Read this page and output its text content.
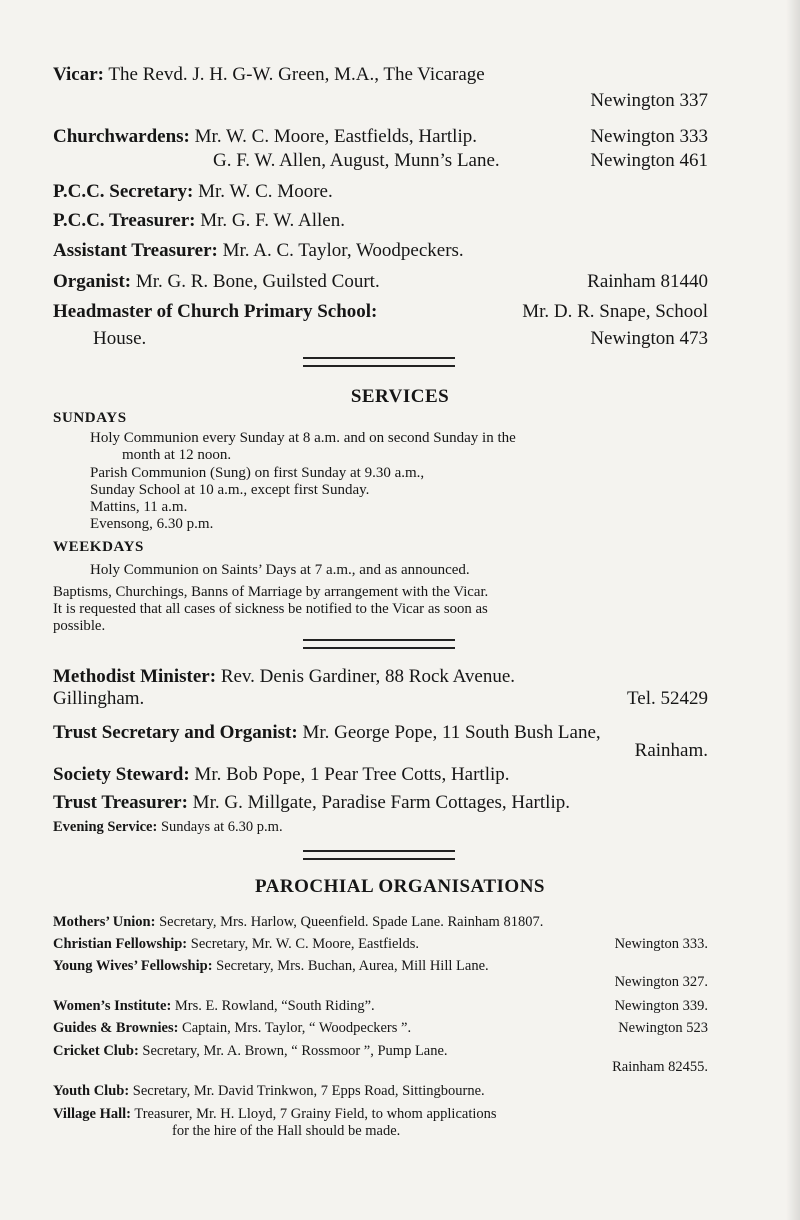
Vicar: The Revd. J. H. G-W. Green, M.A., The Vicarage
Newington 337
Churchwardens: Mr. W. C. Moore, Eastfields, Hartlip.	Newington 333
G. F. W. Allen, August, Munn’s Lane.	Newington 461
P.C.C. Secretary: Mr. W. C. Moore.
P.C.C. Treasurer: Mr. G. F. W. Allen.
Assistant Treasurer: Mr. A. C. Taylor, Woodpeckers.
Organist: Mr. G. R. Bone, Guilsted Court.	Rainham 81440
Headmaster of Church Primary School:	Mr. D. R. Snape, School
House.	Newington 473
SERVICES
SUNDAYS
Holy Communion every Sunday at 8 a.m. and on second Sunday in the
month at 12 noon.
Parish Communion (Sung) on first Sunday at 9.30 a.m.,
Sunday School at 10 a.m., except first Sunday.
Mattins, 11 a.m.
Evensong, 6.30 p.m.
WEEKDAYS
Holy Communion on Saints’ Days at 7 a.m., and as announced.
Baptisms, Churchings, Banns of Marriage by arrangement with the Vicar.
It is requested that all cases of sickness be notified to the Vicar as soon as
possible.
Methodist Minister: Rev. Denis Gardiner, 88 Rock Avenue.
Gillingham.	Tel. 52429
Trust Secretary and Organist: Mr. George Pope, 11 South Bush Lane,
Rainham.
Society Steward: Mr. Bob Pope, 1 Pear Tree Cotts, Hartlip.
Trust Treasurer: Mr. G. Millgate, Paradise Farm Cottages, Hartlip.
Evening Service: Sundays at 6.30 p.m.
PAROCHIAL ORGANISATIONS
Mothers’ Union: Secretary, Mrs. Harlow, Queenfield. Spade Lane. Rainham 81807.
Christian Fellowship: Secretary, Mr. W. C. Moore, Eastfields.	Newington 333.
Young Wives’ Fellowship: Secretary, Mrs. Buchan, Aurea, Mill Hill Lane.
Newington 327.
Women’s Institute: Mrs. E. Rowland, “South Riding”.	Newington 339.
Guides & Brownies: Captain, Mrs. Taylor, “ Woodpeckers ”.	Newington 523
Cricket Club: Secretary, Mr. A. Brown, “ Rossmoor ”, Pump Lane.
Rainham 82455.
Youth Club: Secretary, Mr. David Trinkwon, 7 Epps Road, Sittingbourne.
Village Hall: Treasurer, Mr. H. Lloyd, 7 Grainy Field, to whom applications
for the hire of the Hall should be made.
